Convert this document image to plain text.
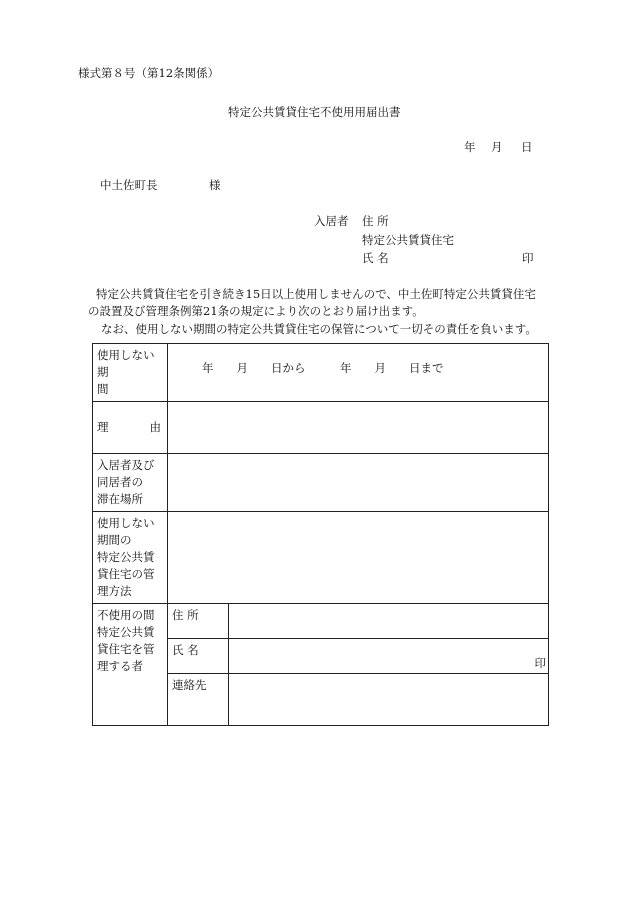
様式第８号（第12条関係）
特定公共賃貸住宅不使用用届出書
年 月 日
中土佐町長	様
入居者 住 所
特定公共賃貸住宅
氏 名	印
特定公共賃貸住宅を引き続き15日以上使用しませんので、中土佐町特定公共賃貸住宅
の設置及び管理条例第21条の規定により次のとおり届け出ます。
なお、使用しない期間の特定公共賃貸住宅の保管について一切その責任を負います。
使用しない期
間	年　　月　　日から　　　年　　月　　日まで	

理 由		

入居者及び
同居者の
滞在場所		

使用しない
期間の
特定公共賃
貸住宅の管
理方法		

不使用の間
特定公共賃
貸住宅を管
理する者	住 所	
	氏 名	印

	連絡先	
